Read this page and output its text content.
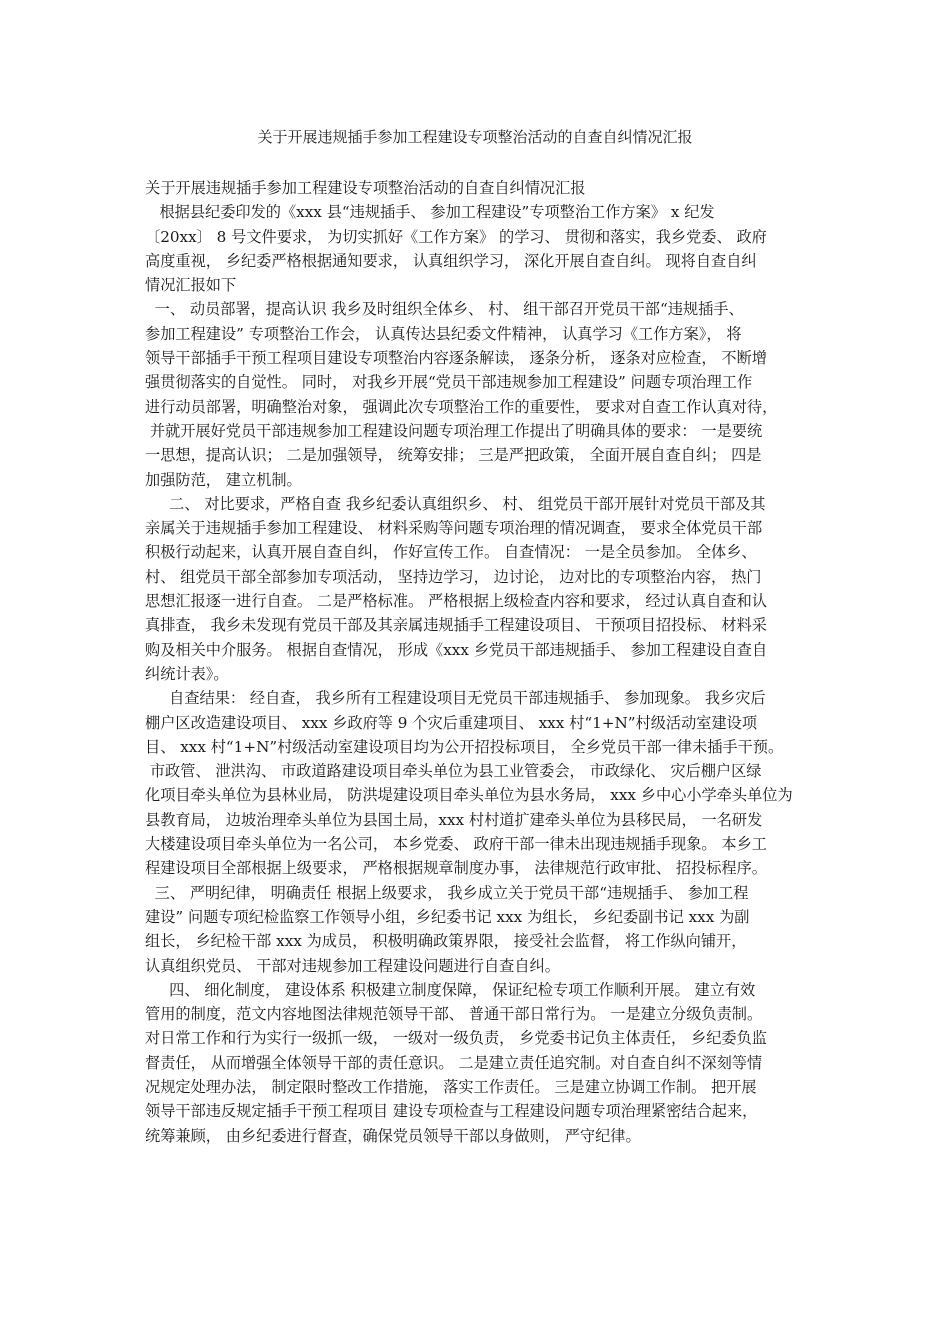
关于开展违规插手参加工程建设专项整治活动的自查自纠情况汇报
关于开展违规插手参加工程建设专项整治活动的自查自纠情况汇报
根据县纪委印发的《xxx 县“违规插手、 参加工程建设”专项整治工作方案》 x 纪发
〔20xx〕 8 号文件要求， 为切实抓好《工作方案》 的学习、 贯彻和落实，我乡党委、 政府
高度重视， 乡纪委严格根据通知要求， 认真组织学习， 深化开展自查自纠。 现将自查自纠
情况汇报如下
一、 动员部署，提高认识 我乡及时组织全体乡、 村、 组干部召开党员干部“违规插手、
参加工程建设” 专项整治工作会， 认真传达县纪委文件精神， 认真学习《工作方案》， 将
领导干部插手干预工程项目建设专项整治内容逐条解读， 逐条分析， 逐条对应检查， 不断增
强贯彻落实的自觉性。 同时， 对我乡开展“党员干部违规参加工程建设” 问题专项治理工作
进行动员部署，明确整治对象， 强调此次专项整治工作的重要性， 要求对自查工作认真对待，
并就开展好党员干部违规参加工程建设问题专项治理工作提出了明确具体的要求： 一是要统
一思想，提高认识； 二是加强领导， 统筹安排； 三是严把政策， 全面开展自查自纠； 四是
加强防范， 建立机制。
二、 对比要求，严格自查 我乡纪委认真组织乡、 村、 组党员干部开展针对党员干部及其
亲属关于违规插手参加工程建设、 材料采购等问题专项治理的情况调查， 要求全体党员干部
积极行动起来，认真开展自查自纠， 作好宣传工作。 自查情况： 一是全员参加。 全体乡、
村、 组党员干部全部参加专项活动， 坚持边学习， 边讨论， 边对比的专项整治内容， 热门
思想汇报逐一进行自查。 二是严格标准。 严格根据上级检查内容和要求， 经过认真自查和认
真排查， 我乡未发现有党员干部及其亲属违规插手工程建设项目、 干预项目招投标、 材料采
购及相关中介服务。 根据自查情况， 形成《xxx 乡党员干部违规插手、 参加工程建设自查自
纠统计表》。
自查结果： 经自查， 我乡所有工程建设项目无党员干部违规插手、 参加现象。 我乡灾后
棚户区改造建设项目、 xxx 乡政府等 9 个灾后重建项目、 xxx 村“1+N”村级活动室建设项
目、 xxx 村“1+N”村级活动室建设项目均为公开招投标项目， 全乡党员干部一律未插手干预。
市政管、 泄洪沟、 市政道路建设项目牵头单位为县工业管委会， 市政绿化、 灾后棚户区绿
化项目牵头单位为县林业局， 防洪堤建设项目牵头单位为县水务局， xxx 乡中心小学牵头单位为
县教育局， 边坡治理牵头单位为县国土局，xxx 村村道扩建牵头单位为县移民局， 一名研发
大楼建设项目牵头单位为一名公司， 本乡党委、 政府干部一律未出现违规插手现象。 本乡工
程建设项目全部根据上级要求， 严格根据规章制度办事， 法律规范行政审批、 招投标程序。
三、 严明纪律， 明确责任 根据上级要求， 我乡成立关于党员干部“违规插手、 参加工程
建设” 问题专项纪检监察工作领导小组，乡纪委书记 xxx 为组长， 乡纪委副书记 xxx 为副
组长， 乡纪检干部 xxx 为成员， 积极明确政策界限， 接受社会监督， 将工作纵向铺开，
认真组织党员、 干部对违规参加工程建设问题进行自查自纠。
四、 细化制度， 建设体系 积极建立制度保障， 保证纪检专项工作顺利开展。 建立有效
管用的制度，范文内容地图法律规范领导干部、 普通干部日常行为。 一是建立分级负责制。
对日常工作和行为实行一级抓一级， 一级对一级负责， 乡党委书记负主体责任， 乡纪委负监
督责任， 从而增强全体领导干部的责任意识。 二是建立责任追究制。对自查自纠不深刻等情
况规定处理办法， 制定限时整改工作措施， 落实工作责任。 三是建立协调工作制。 把开展
领导干部违反规定插手干预工程项目 建设专项检查与工程建设问题专项治理紧密结合起来，
统筹兼顾， 由乡纪委进行督查，确保党员领导干部以身做则， 严守纪律。
